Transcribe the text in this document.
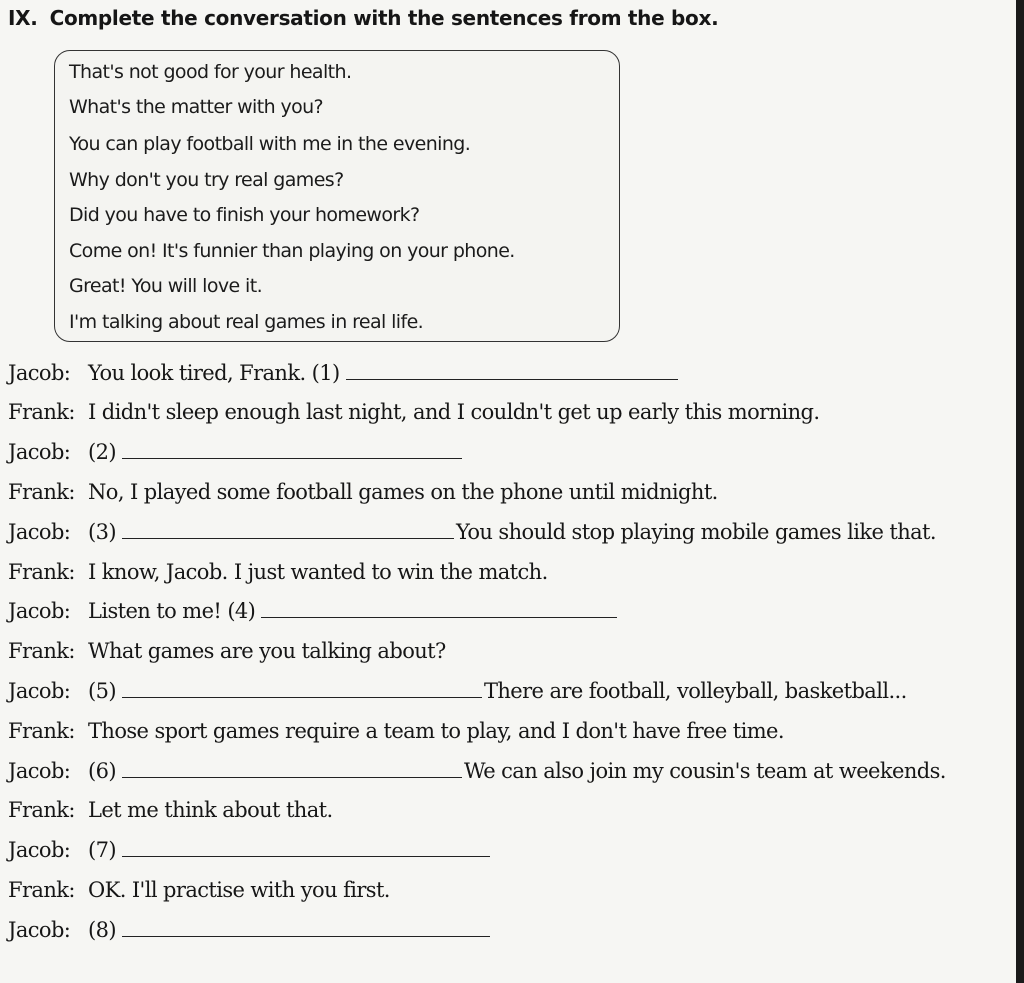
IX. Complete the conversation with the sentences from the box.
That's not good for your health.
What's the matter with you?
You can play football with me in the evening.
Why don't you try real games?
Did you have to finish your homework?
Come on! It's funnier than playing on your phone.
Great! You will love it.
I'm talking about real games in real life.
Jacob: You look tired, Frank. (1)
Frank: I didn't sleep enough last night, and I couldn't get up early this morning.
Jacob: (2)
Frank: No, I played some football games on the phone until midnight.
Jacob: (3)	You should stop playing mobile games like that.
Frank: I know, Jacob. I just wanted to win the match.
Jacob: Listen to me! (4)
Frank: What games are you talking about?
Jacob: (5)	There are football, volleyball, basketball...
Frank: Those sport games require a team to play, and I don't have free time.
Jacob: (6)	We can also join my cousin's team at weekends.
Frank: Let me think about that.
Jacob: (7)
Frank: OK. I'll practise with you first.
Jacob: (8)
